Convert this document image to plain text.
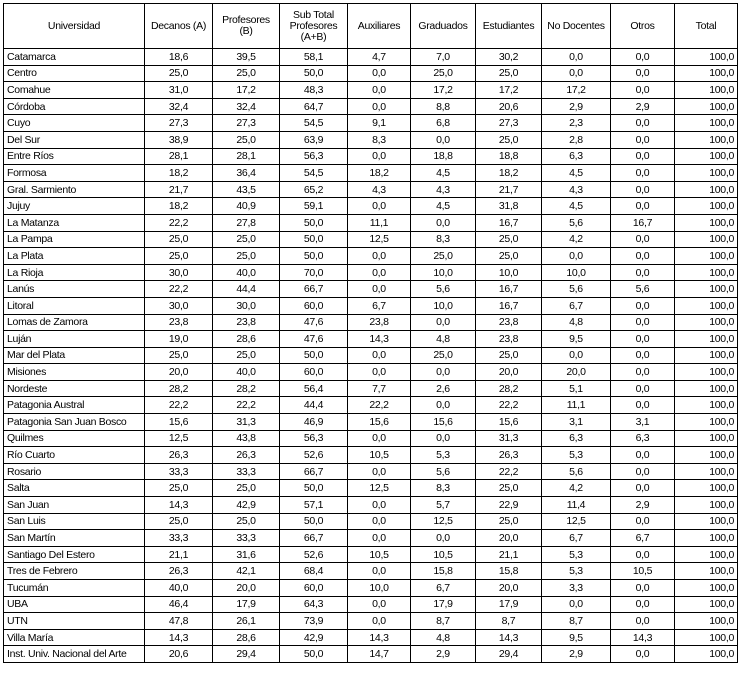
Universidad	Decanos (A)	Profesores (B)	Sub Total Profesores (A+B)	Auxiliares	Graduados	Estudiantes	No Docentes	Otros	Total
Catamarca	18,6	39,5	58,1	4,7	7,0	30,2	0,0	0,0	100,0
Centro	25,0	25,0	50,0	0,0	25,0	25,0	0,0	0,0	100,0
Comahue	31,0	17,2	48,3	0,0	17,2	17,2	17,2	0,0	100,0
Córdoba	32,4	32,4	64,7	0,0	8,8	20,6	2,9	2,9	100,0
Cuyo	27,3	27,3	54,5	9,1	6,8	27,3	2,3	0,0	100,0
Del Sur	38,9	25,0	63,9	8,3	0,0	25,0	2,8	0,0	100,0
Entre Ríos	28,1	28,1	56,3	0,0	18,8	18,8	6,3	0,0	100,0
Formosa	18,2	36,4	54,5	18,2	4,5	18,2	4,5	0,0	100,0
Gral. Sarmiento	21,7	43,5	65,2	4,3	4,3	21,7	4,3	0,0	100,0
Jujuy	18,2	40,9	59,1	0,0	4,5	31,8	4,5	0,0	100,0
La Matanza	22,2	27,8	50,0	11,1	0,0	16,7	5,6	16,7	100,0
La Pampa	25,0	25,0	50,0	12,5	8,3	25,0	4,2	0,0	100,0
La Plata	25,0	25,0	50,0	0,0	25,0	25,0	0,0	0,0	100,0
La Rioja	30,0	40,0	70,0	0,0	10,0	10,0	10,0	0,0	100,0
Lanús	22,2	44,4	66,7	0,0	5,6	16,7	5,6	5,6	100,0
Litoral	30,0	30,0	60,0	6,7	10,0	16,7	6,7	0,0	100,0
Lomas de Zamora	23,8	23,8	47,6	23,8	0,0	23,8	4,8	0,0	100,0
Luján	19,0	28,6	47,6	14,3	4,8	23,8	9,5	0,0	100,0
Mar del Plata	25,0	25,0	50,0	0,0	25,0	25,0	0,0	0,0	100,0
Misiones	20,0	40,0	60,0	0,0	0,0	20,0	20,0	0,0	100,0
Nordeste	28,2	28,2	56,4	7,7	2,6	28,2	5,1	0,0	100,0
Patagonia Austral	22,2	22,2	44,4	22,2	0,0	22,2	11,1	0,0	100,0
Patagonia San Juan Bosco	15,6	31,3	46,9	15,6	15,6	15,6	3,1	3,1	100,0
Quilmes	12,5	43,8	56,3	0,0	0,0	31,3	6,3	6,3	100,0
Río Cuarto	26,3	26,3	52,6	10,5	5,3	26,3	5,3	0,0	100,0
Rosario	33,3	33,3	66,7	0,0	5,6	22,2	5,6	0,0	100,0
Salta	25,0	25,0	50,0	12,5	8,3	25,0	4,2	0,0	100,0
San Juan	14,3	42,9	57,1	0,0	5,7	22,9	11,4	2,9	100,0
San Luis	25,0	25,0	50,0	0,0	12,5	25,0	12,5	0,0	100,0
San Martín	33,3	33,3	66,7	0,0	0,0	20,0	6,7	6,7	100,0
Santiago Del Estero	21,1	31,6	52,6	10,5	10,5	21,1	5,3	0,0	100,0
Tres de Febrero	26,3	42,1	68,4	0,0	15,8	15,8	5,3	10,5	100,0
Tucumán	40,0	20,0	60,0	10,0	6,7	20,0	3,3	0,0	100,0
UBA	46,4	17,9	64,3	0,0	17,9	17,9	0,0	0,0	100,0
UTN	47,8	26,1	73,9	0,0	8,7	8,7	8,7	0,0	100,0
Villa María	14,3	28,6	42,9	14,3	4,8	14,3	9,5	14,3	100,0
Inst. Univ. Nacional del Arte	20,6	29,4	50,0	14,7	2,9	29,4	2,9	0,0	100,0
